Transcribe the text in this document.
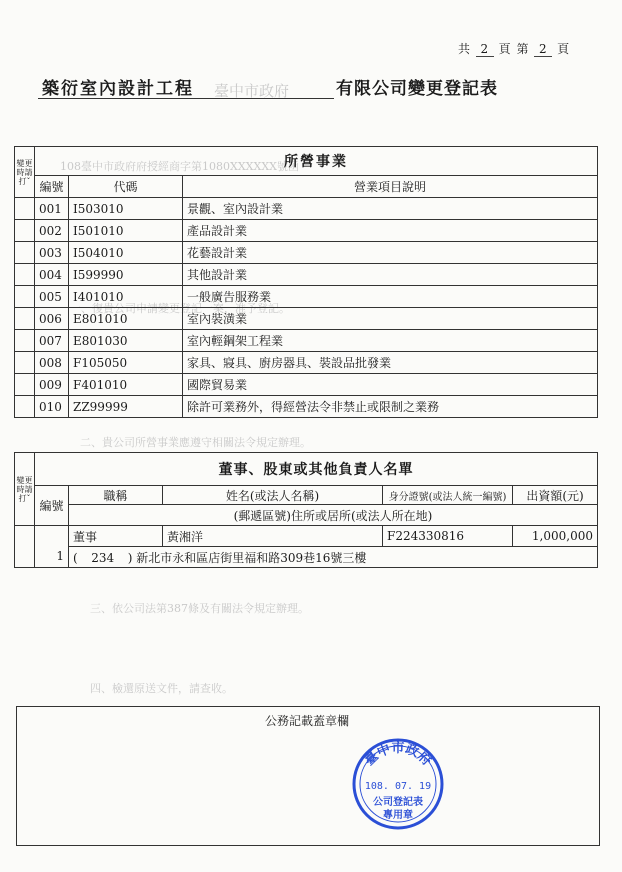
臺中市政府
108臺中市政府府授經商字第1080XXXXXX號函
一、復貴公司申請變更登記一案，准予登記。
二、貴公司所營事業應遵守相關法令規定辦理。
三、依公司法第387條及有關法令規定辦理。
四、檢還原送文件，請查收。
共 2 頁 第 2 頁
築衍室內設計工程	有限公司變更登記表
變更時請打ˇ	所營事業		
	編號	代碼	營業項目說明
	001	I503010	景觀、室內設計業
	002	I501010	產品設計業
	003	I504010	花藝設計業
	004	I599990	其他設計業
	005	I401010	一般廣告服務業
	006	E801010	室內裝潢業
	007	E801030	室內輕鋼架工程業
	008	F105050	家具、寢具、廚房器具、裝設品批發業
	009	F401010	國際貿易業
	010	ZZ99999	除許可業務外，得經營法令非禁止或限制之業務
變更時請打ˇ	董事、股東或其他負責人名單				
	編號	職稱	姓名(或法人名稱)	身分證號(或法人統一編號)	出資額(元)
		(郵遞區號)住所或居所(或法人所在地)			
	1	董事	黃湘洋	F224330816	1,000,000
		( 234 ) 新北市永和區店街里福和路309巷16號三樓			
公務記載蓋章欄
臺中市政府
108. 07. 19
公司登記表
專用章
